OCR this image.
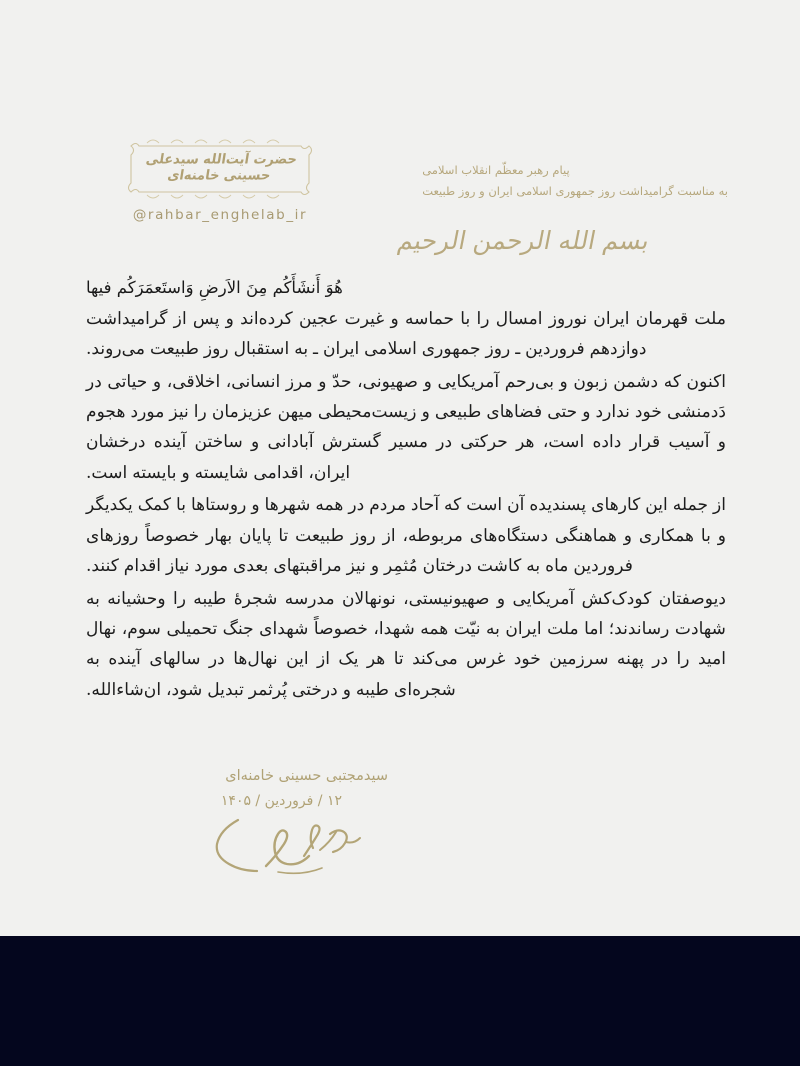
حضرت آیت‌الله سیدعلی حسینی خامنه‌ای
@rahbar_enghelab_ir
پیام رهبر معظّم انقلاب اسلامی
به مناسبت گرامیداشت روز جمهوری اسلامی ایران و روز طبیعت
بسم الله الرحمن الرحیم
هُوَ أَنشَأَكُم مِنَ الاَرضِ وَاستَعمَرَكُم فيها

ملت قهرمان ایران نوروز امسال را با حماسه و غیرت عجین کرده‌اند و پس از گرامیداشت دوازدهم فروردین ـ روز جمهوری اسلامی ایران ـ به استقبال روز طبیعت می‌روند.

اکنون که دشمن زبون و بی‌رحم آمریکایی و صهیونی، حدّ و مرز انسانی، اخلاقی، و حیاتی در دَدمنشی خود ندارد و حتی فضاهای طبیعی و زیست‌محیطی میهن عزیزمان را نیز مورد هجوم و آسیب قرار داده است، هر حرکتی در مسیر گسترش آبادانی و ساختن آینده درخشان ایران، اقدامی شایسته و بایسته است.

از جمله این کارهای پسندیده آن است که آحاد مردم در همه شهرها و روستاها با کمک یکدیگر و با همکاری و هماهنگی دستگاه‌های مربوطه، از روز طبیعت تا پایان بهار خصوصاً روزهای فروردین ماه به کاشت درختان مُثمِر و نیز مراقبتهای بعدی مورد نیاز اقدام کنند.

دیوصفتان کودک‌کش آمریکایی و صهیونیستی، نونهالان مدرسه شجرهٔ طیبه را وحشیانه به شهادت رساندند؛ اما ملت ایران به نیّت همه شهدا، خصوصاً شهدای جنگ تحمیلی سوم، نهال امید را در پهنه سرزمین خود غرس می‌کند تا هر یک از این نهال‌ها در سالهای آینده به شجره‌ای طیبه و درختی پُرثمر تبدیل شود، ان‌شاءالله.

سیدمجتبی حسینی خامنه‌ای
۱۲ / فروردین / ۱۴۰۵
